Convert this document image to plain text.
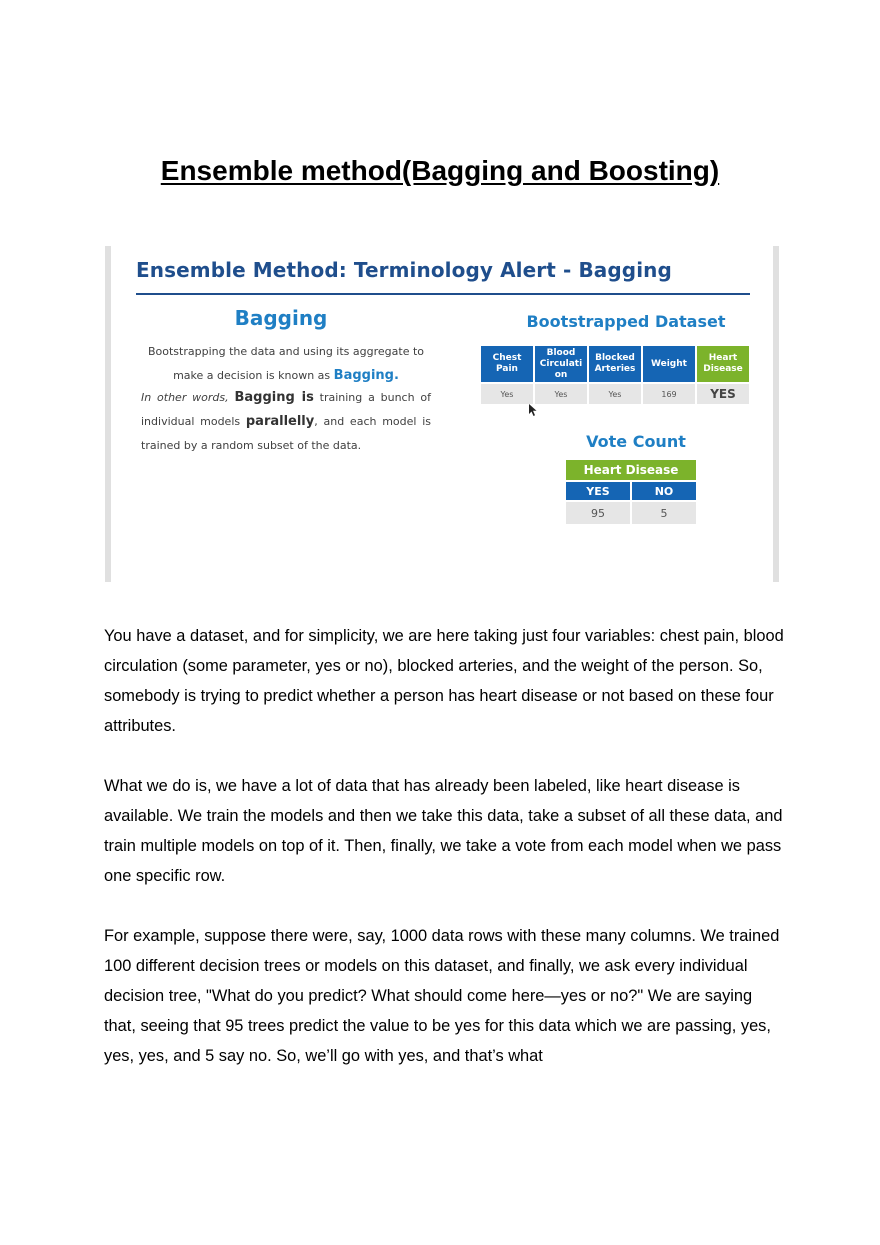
Ensemble method(Bagging and Boosting)
Ensemble Method: Terminology Alert - Bagging
Bagging
Bootstrapping the data and using its aggregate to
make a decision is known as Bagging.
In other words, Bagging is training a bunch of individual models parallelly, and each model is trained by a random subset of the data.
Bootstrapped Dataset
Chest Pain	Blood Circulati on	Blocked Arteries	Weight	Heart Disease
Yes	Yes	Yes	169	YES
Vote Count
Heart Disease	
YES	NO
95	5

You have a dataset, and for simplicity, we are here taking just four variables: chest pain, blood circulation (some parameter, yes or no), blocked arteries, and the weight of the person. So, somebody is trying to predict whether a person has heart disease or not based on these four attributes.

What we do is, we have a lot of data that has already been labeled, like heart disease is available. We train the models and then we take this data, take a subset of all these data, and train multiple models on top of it. Then, finally, we take a vote from each model when we pass one specific row.

For example, suppose there were, say, 1000 data rows with these many columns. We trained 100 different decision trees or models on this dataset, and finally, we ask every individual decision tree, "What do you predict? What should come here—yes or no?" We are saying that, seeing that 95 trees predict the value to be yes for this data which we are passing, yes, yes, yes, and 5 say no. So, we’ll go with yes, and that’s what
